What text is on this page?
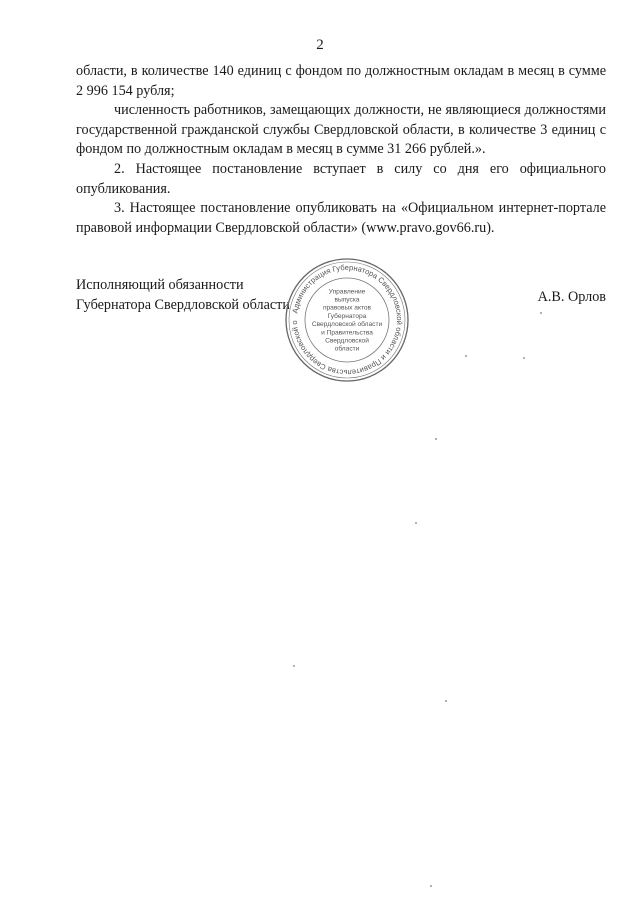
2

области, в количестве 140 единиц с фондом по должностным окладам в месяц в сумме 2 996 154 рубля;

численность работников, замещающих должности, не являющиеся должностями государственной гражданской службы Свердловской области, в количестве 3 единиц с фондом по должностным окладам в месяц в сумме 31 266 рублей.».

2. Настоящее постановление вступает в силу со дня его официального опубликования.

3. Настоящее постановление опубликовать на «Официальном интернет-портале правовой информации Свердловской области» (www.pravo.gov66.ru).

Исполняющий обязанности
Губернатора Свердловской области	А.В. Орлов
Администрация Губернатора Свердловской области и Правительства Свердловской о
Управление
выпуска
правовых актов
Губернатора
Свердловской области
и Правительства
Свердловской
области
